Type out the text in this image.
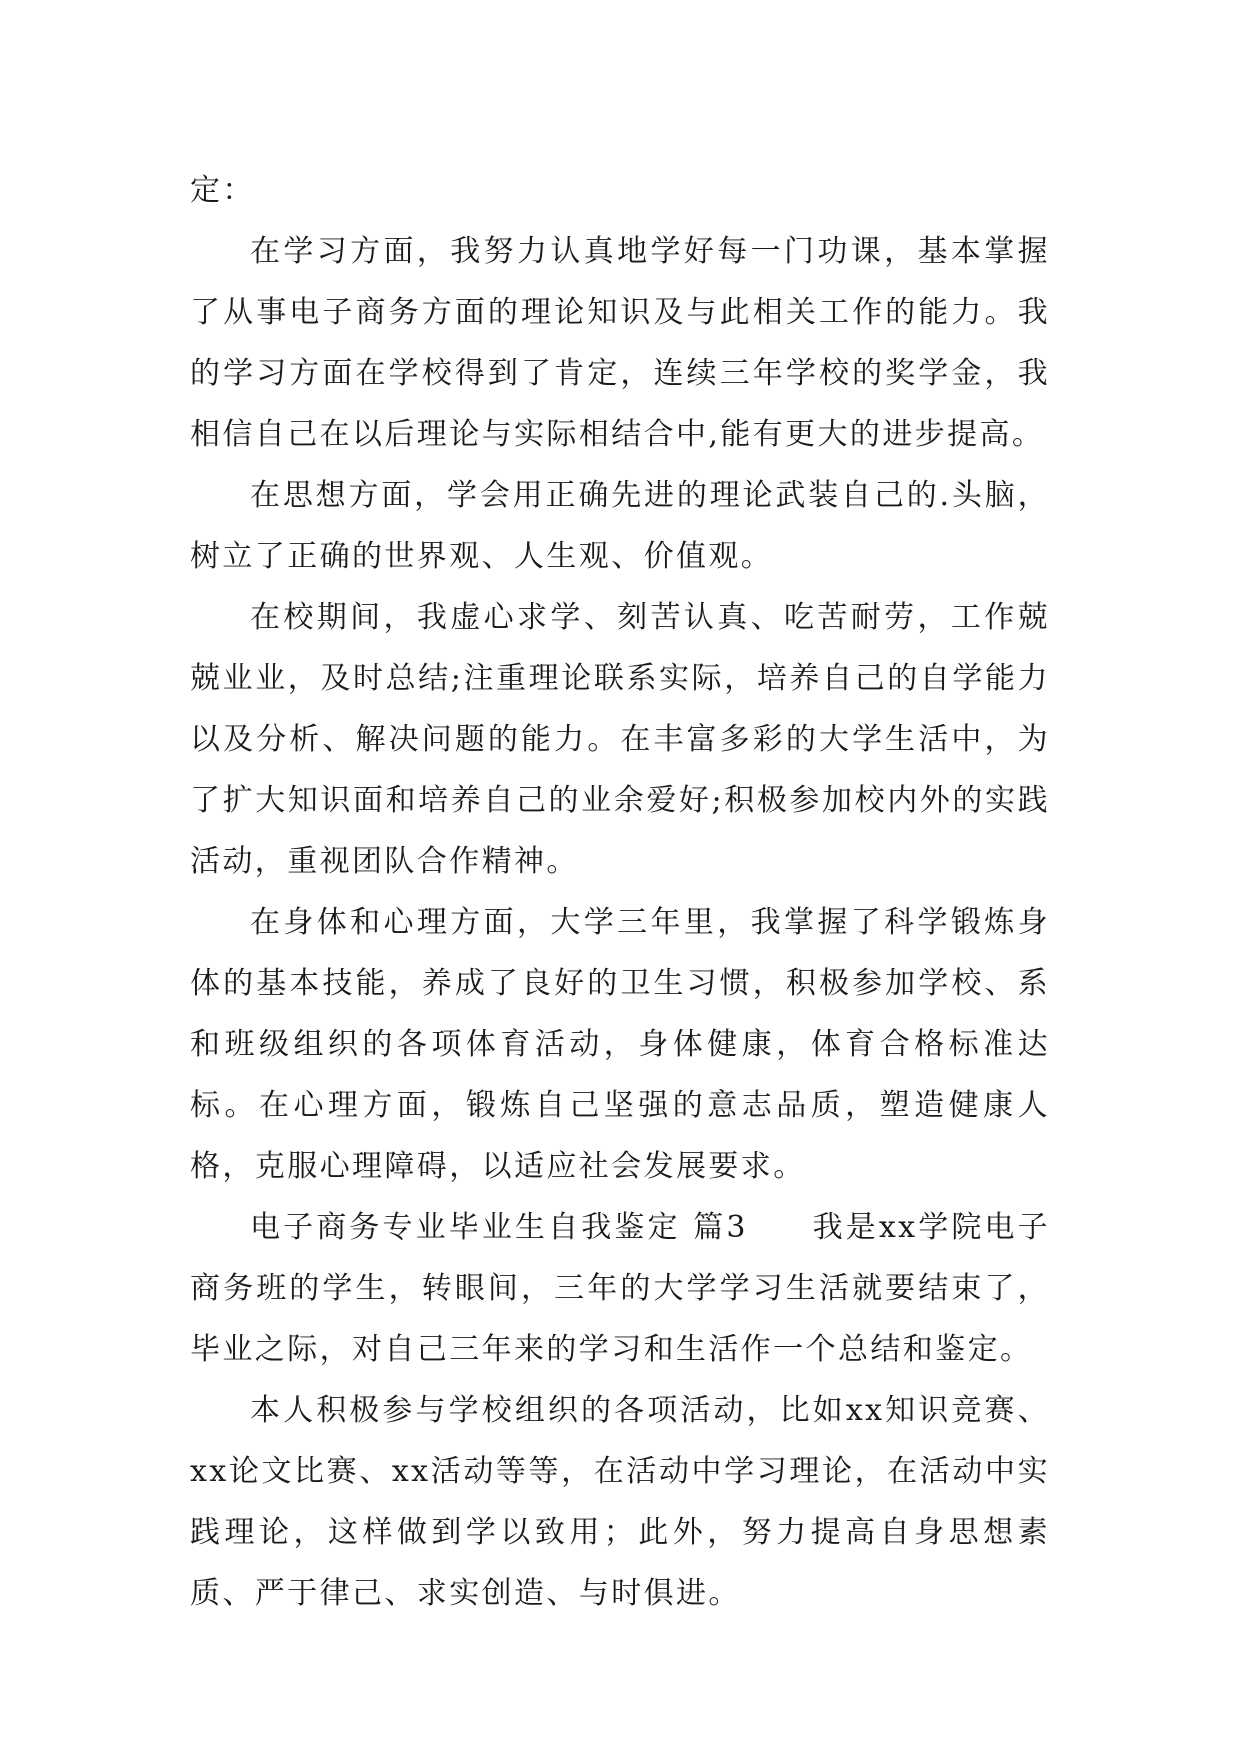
定：

在学习方面，我努力认真地学好每一门功课，基本掌握了从事电子商务方面的理论知识及与此相关工作的能力。我的学习方面在学校得到了肯定，连续三年学校的奖学金，我相信自己在以后理论与实际相结合中,能有更大的进步提高。

在思想方面，学会用正确先进的理论武装自己的.头脑，树立了正确的世界观、人生观、价值观。

在校期间，我虚心求学、刻苦认真、吃苦耐劳，工作兢兢业业，及时总结;注重理论联系实际，培养自己的自学能力以及分析、解决问题的能力。在丰富多彩的大学生活中，为了扩大知识面和培养自己的业余爱好;积极参加校内外的实践活动，重视团队合作精神。

在身体和心理方面，大学三年里，我掌握了科学锻炼身体的基本技能，养成了良好的卫生习惯，积极参加学校、系和班级组织的各项体育活动，身体健康，体育合格标准达标。在心理方面，锻炼自己坚强的意志品质，塑造健康人格，克服心理障碍，以适应社会发展要求。

电子商务专业毕业生自我鉴定 篇3 我是xx学院电子商务班的学生，转眼间，三年的大学学习生活就要结束了，毕业之际，对自己三年来的学习和生活作一个总结和鉴定。

本人积极参与学校组织的各项活动，比如xx知识竞赛、xx论文比赛、xx活动等等，在活动中学习理论，在活动中实践理论，这样做到学以致用；此外，努力提高自身思想素质、严于律己、求实创造、与时俱进。
